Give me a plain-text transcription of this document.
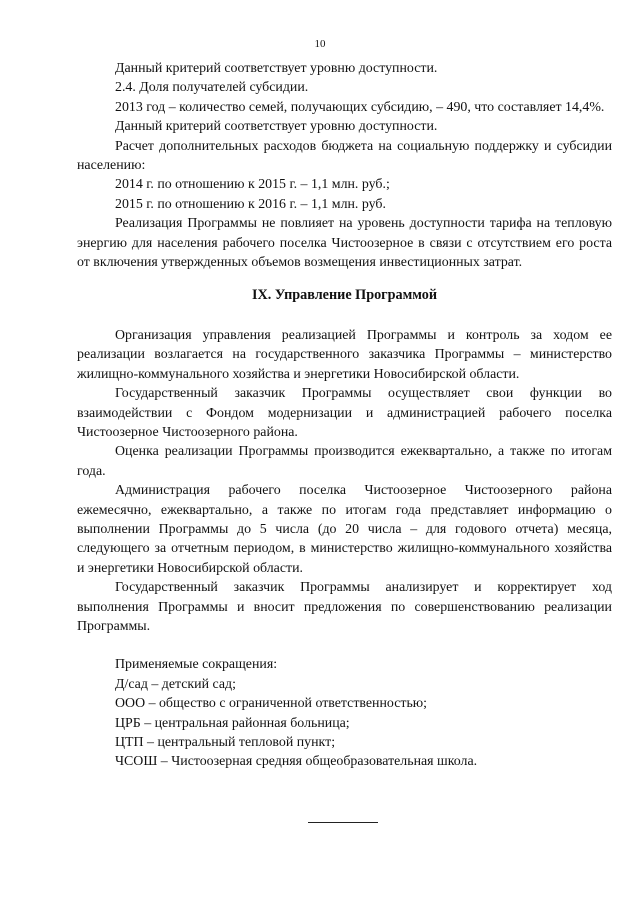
10

Данный критерий соответствует уровню доступности.

2.4. Доля получателей субсидии.

2013 год – количество семей, получающих субсидию, – 490, что составляет 14,4%.

Данный критерий соответствует уровню доступности.

Расчет дополнительных расходов бюджета на социальную поддержку и субсидии населению:

2014 г. по отношению к 2015 г. – 1,1 млн. руб.;

2015 г. по отношению к 2016 г. – 1,1 млн. руб.

Реализация Программы не повлияет на уровень доступности тарифа на тепловую энергию для населения рабочего поселка Чистоозерное в связи с отсутствием его роста от включения утвержденных объемов возмещения инвестиционных затрат.

IX. Управление Программой

Организация управления реализацией Программы и контроль за ходом ее реализации возлагается на государственного заказчика Программы – министерство жилищно-коммунального хозяйства и энергетики Новосибирской области.

Государственный заказчик Программы осуществляет свои функции во взаимодействии с Фондом модернизации и администрацией рабочего поселка Чистоозерное Чистоозерного района.

Оценка реализации Программы производится ежеквартально, а также по итогам года.

Администрация рабочего поселка Чистоозерное Чистоозерного района ежемесячно, ежеквартально, а также по итогам года представляет информацию о выполнении Программы до 5 числа (до 20 числа – для годового отчета) месяца, следующего за отчетным периодом, в министерство жилищно-коммунального хозяйства и энергетики Новосибирской области.

Государственный заказчик Программы анализирует и корректирует ход выполнения Программы и вносит предложения по совершенствованию реализации Программы.

Применяемые сокращения:

Д/сад – детский сад;

ООО – общество с ограниченной ответственностью;

ЦРБ – центральная районная больница;

ЦТП – центральный тепловой пункт;

ЧСОШ – Чистоозерная средняя общеобразовательная школа.
